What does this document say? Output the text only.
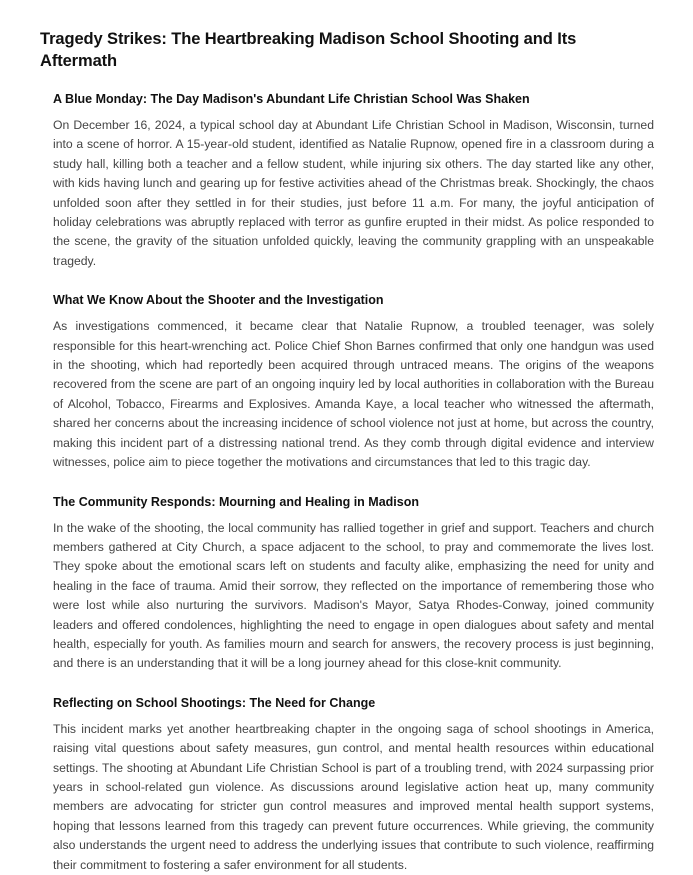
Tragedy Strikes: The Heartbreaking Madison School Shooting and Its Aftermath
A Blue Monday: The Day Madison's Abundant Life Christian School Was Shaken

On December 16, 2024, a typical school day at Abundant Life Christian School in Madison, Wisconsin, turned into a scene of horror. A 15-year-old student, identified as Natalie Rupnow, opened fire in a classroom during a study hall, killing both a teacher and a fellow student, while injuring six others. The day started like any other, with kids having lunch and gearing up for festive activities ahead of the Christmas break. Shockingly, the chaos unfolded soon after they settled in for their studies, just before 11 a.m. For many, the joyful anticipation of holiday celebrations was abruptly replaced with terror as gunfire erupted in their midst. As police responded to the scene, the gravity of the situation unfolded quickly, leaving the community grappling with an unspeakable tragedy.

What We Know About the Shooter and the Investigation

As investigations commenced, it became clear that Natalie Rupnow, a troubled teenager, was solely responsible for this heart-wrenching act. Police Chief Shon Barnes confirmed that only one handgun was used in the shooting, which had reportedly been acquired through untraced means. The origins of the weapons recovered from the scene are part of an ongoing inquiry led by local authorities in collaboration with the Bureau of Alcohol, Tobacco, Firearms and Explosives. Amanda Kaye, a local teacher who witnessed the aftermath, shared her concerns about the increasing incidence of school violence not just at home, but across the country, making this incident part of a distressing national trend. As they comb through digital evidence and interview witnesses, police aim to piece together the motivations and circumstances that led to this tragic day.

The Community Responds: Mourning and Healing in Madison

In the wake of the shooting, the local community has rallied together in grief and support. Teachers and church members gathered at City Church, a space adjacent to the school, to pray and commemorate the lives lost. They spoke about the emotional scars left on students and faculty alike, emphasizing the need for unity and healing in the face of trauma. Amid their sorrow, they reflected on the importance of remembering those who were lost while also nurturing the survivors. Madison's Mayor, Satya Rhodes-Conway, joined community leaders and offered condolences, highlighting the need to engage in open dialogues about safety and mental health, especially for youth. As families mourn and search for answers, the recovery process is just beginning, and there is an understanding that it will be a long journey ahead for this close-knit community.

Reflecting on School Shootings: The Need for Change

This incident marks yet another heartbreaking chapter in the ongoing saga of school shootings in America, raising vital questions about safety measures, gun control, and mental health resources within educational settings. The shooting at Abundant Life Christian School is part of a troubling trend, with 2024 surpassing prior years in school-related gun violence. As discussions around legislative action heat up, many community members are advocating for stricter gun control measures and improved mental health support systems, hoping that lessons learned from this tragedy can prevent future occurrences. While grieving, the community also understands the urgent need to address the underlying issues that contribute to such violence, reaffirming their commitment to fostering a safer environment for all students.
